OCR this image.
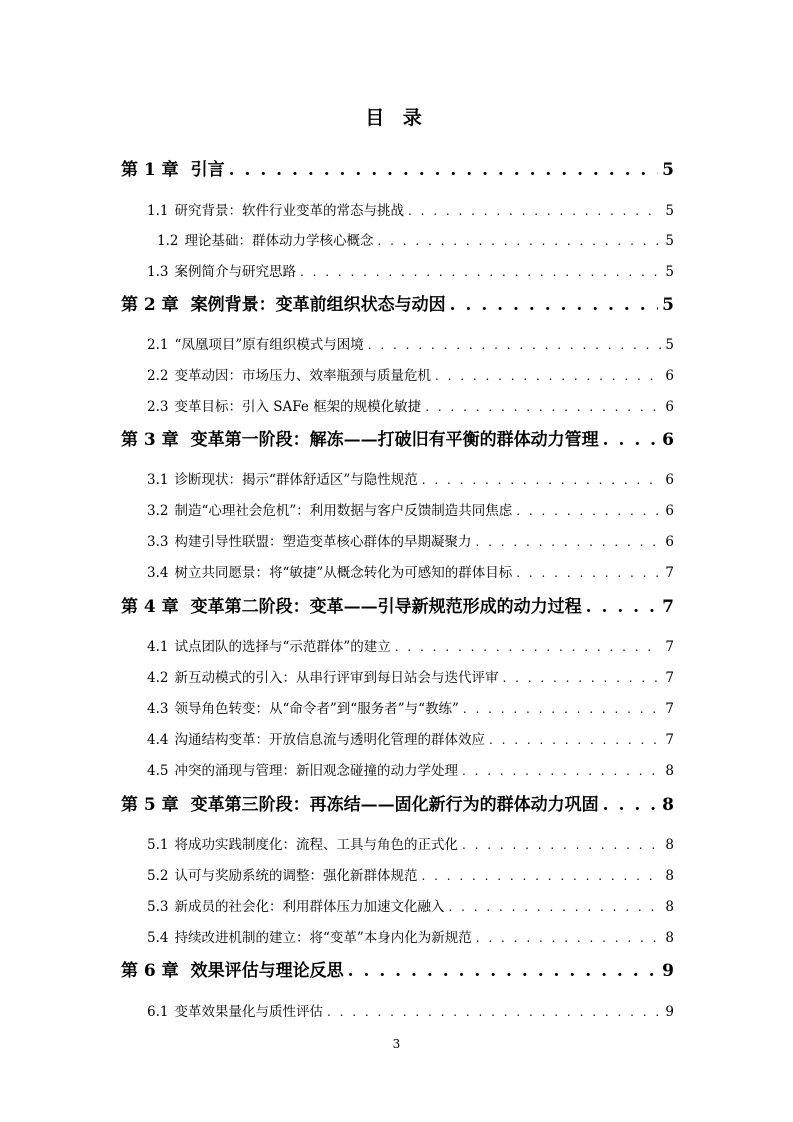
目 录
第 1 章 引言 . . .	5
1.1 研究背景：软件行业变革的常态与挑战 . . .	5
1.2 理论基础：群体动力学核心概念 . . .	5
1.3 案例简介与研究思路 . . .	5
第 2 章 案例背景：变革前组织状态与动因 . . .	5
2.1 “凤凰项目”原有组织模式与困境 . . .	5
2.2 变革动因：市场压力、效率瓶颈与质量危机 . . .	6
2.3 变革目标：引入 SAFe 框架的规模化敏捷 . . .	6
第 3 章 变革第一阶段：解冻——打破旧有平衡的群体动力管理 . . .	6
3.1 诊断现状：揭示“群体舒适区”与隐性规范 . . .	6
3.2 制造“心理社会危机”：利用数据与客户反馈制造共同焦虑 . . .	6
3.3 构建引导性联盟：塑造变革核心群体的早期凝聚力 . . .	6
3.4 树立共同愿景：将“敏捷”从概念转化为可感知的群体目标 . . .	7
第 4 章 变革第二阶段：变革——引导新规范形成的动力过程 . . .	7
4.1 试点团队的选择与“示范群体”的建立 . . .	7
4.2 新互动模式的引入：从串行评审到每日站会与迭代评审 . . .	7
4.3 领导角色转变：从“命令者”到“服务者”与“教练” . . .	7
4.4 沟通结构变革：开放信息流与透明化管理的群体效应 . . .	7
4.5 冲突的涌现与管理：新旧观念碰撞的动力学处理 . . .	8
第 5 章 变革第三阶段：再冻结——固化新行为的群体动力巩固 . . .	8
5.1 将成功实践制度化：流程、工具与角色的正式化 . . .	8
5.2 认可与奖励系统的调整：强化新群体规范 . . .	8
5.3 新成员的社会化：利用群体压力加速文化融入 . . .	8
5.4 持续改进机制的建立：将“变革”本身内化为新规范 . . .	8
第 6 章 效果评估与理论反思 . . .	9
6.1 变革效果量化与质性评估 . . .	9
3
